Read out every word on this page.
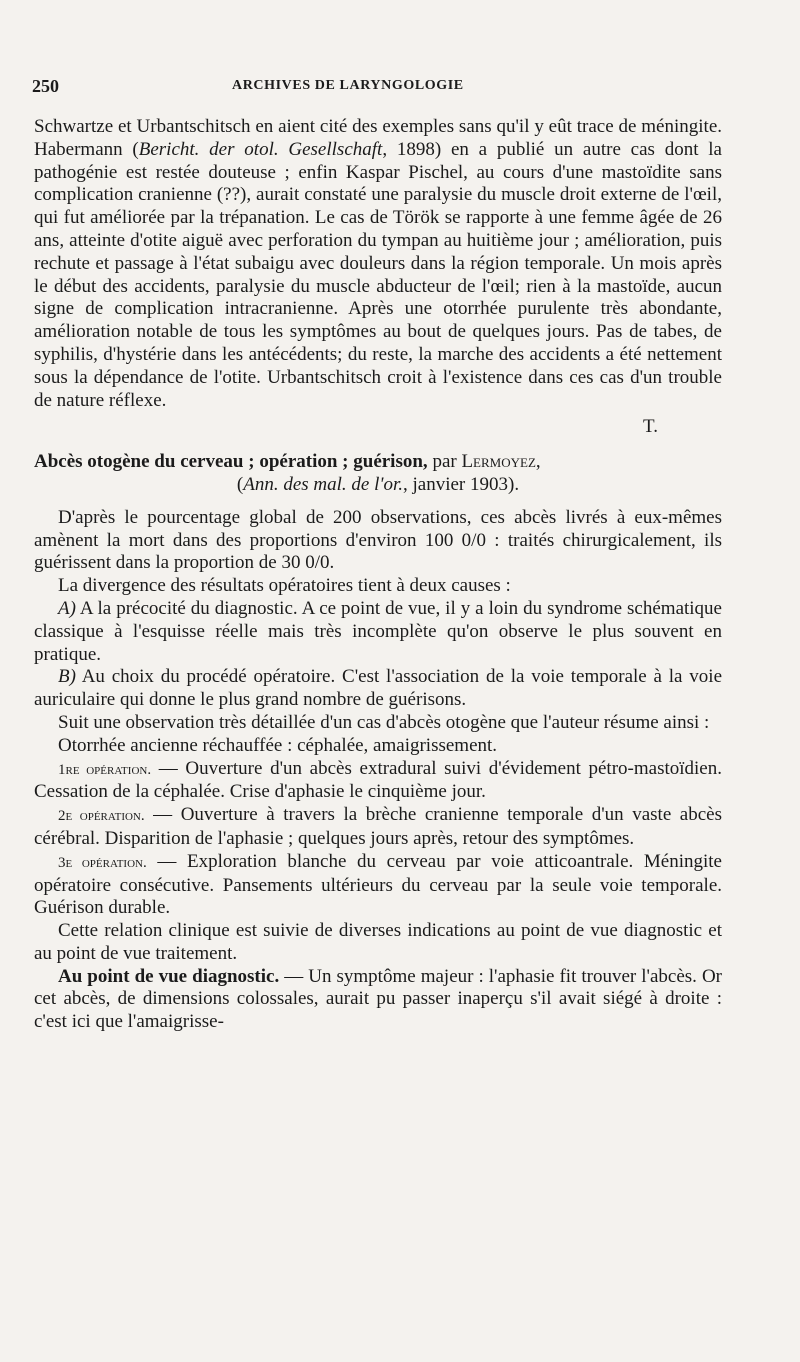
250	ARCHIVES DE LARYNGOLOGIE

Schwartze et Urbantschitsch en aient cité des exemples sans qu'il y eût trace de méningite. Habermann (Bericht. der otol. Gesellschaft, 1898) en a publié un autre cas dont la pathogénie est restée douteuse ; enfin Kaspar Pischel, au cours d'une mastoïdite sans complication cranienne (??), aurait constaté une paralysie du muscle droit externe de l'œil, qui fut améliorée par la trépanation. Le cas de Török se rapporte à une femme âgée de 26 ans, atteinte d'otite aiguë avec perforation du tympan au huitième jour ; amélioration, puis rechute et passage à l'état subaigu avec douleurs dans la région temporale. Un mois après le début des accidents, paralysie du muscle abducteur de l'œil; rien à la mastoïde, aucun signe de complication intracranienne. Après une otorrhée purulente très abondante, amélioration notable de tous les symptômes au bout de quelques jours. Pas de tabes, de syphilis, d'hystérie dans les antécédents; du reste, la marche des accidents a été nettement sous la dépendance de l'otite. Urbantschitsch croit à l'existence dans ces cas d'un trouble de nature réflexe.

T.

Abcès otogène du cerveau ; opération ; guérison, par Lermoyez,

(Ann. des mal. de l'or., janvier 1903).

D'après le pourcentage global de 200 observations, ces abcès livrés à eux-mêmes amènent la mort dans des proportions d'environ 100 0/0 : traités chirurgicalement, ils guérissent dans la proportion de 30 0/0.

La divergence des résultats opératoires tient à deux causes :

A) A la précocité du diagnostic. A ce point de vue, il y a loin du syndrome schématique classique à l'esquisse réelle mais très incomplète qu'on observe le plus souvent en pratique.

B) Au choix du procédé opératoire. C'est l'association de la voie temporale à la voie auriculaire qui donne le plus grand nombre de guérisons.

Suit une observation très détaillée d'un cas d'abcès otogène que l'auteur résume ainsi :

Otorrhée ancienne réchauffée : céphalée, amaigrissement.

1re opération. — Ouverture d'un abcès extradural suivi d'évidement pétro-mastoïdien. Cessation de la céphalée. Crise d'aphasie le cinquième jour.

2e opération. — Ouverture à travers la brèche cranienne temporale d'un vaste abcès cérébral. Disparition de l'aphasie ; quelques jours après, retour des symptômes.

3e opération. — Exploration blanche du cerveau par voie atticoantrale. Méningite opératoire consécutive. Pansements ultérieurs du cerveau par la seule voie temporale. Guérison durable.

Cette relation clinique est suivie de diverses indications au point de vue diagnostic et au point de vue traitement.

Au point de vue diagnostic. — Un symptôme majeur : l'aphasie fit trouver l'abcès. Or cet abcès, de dimensions colossales, aurait pu passer inaperçu s'il avait siégé à droite : c'est ici que l'amaigrisse-
